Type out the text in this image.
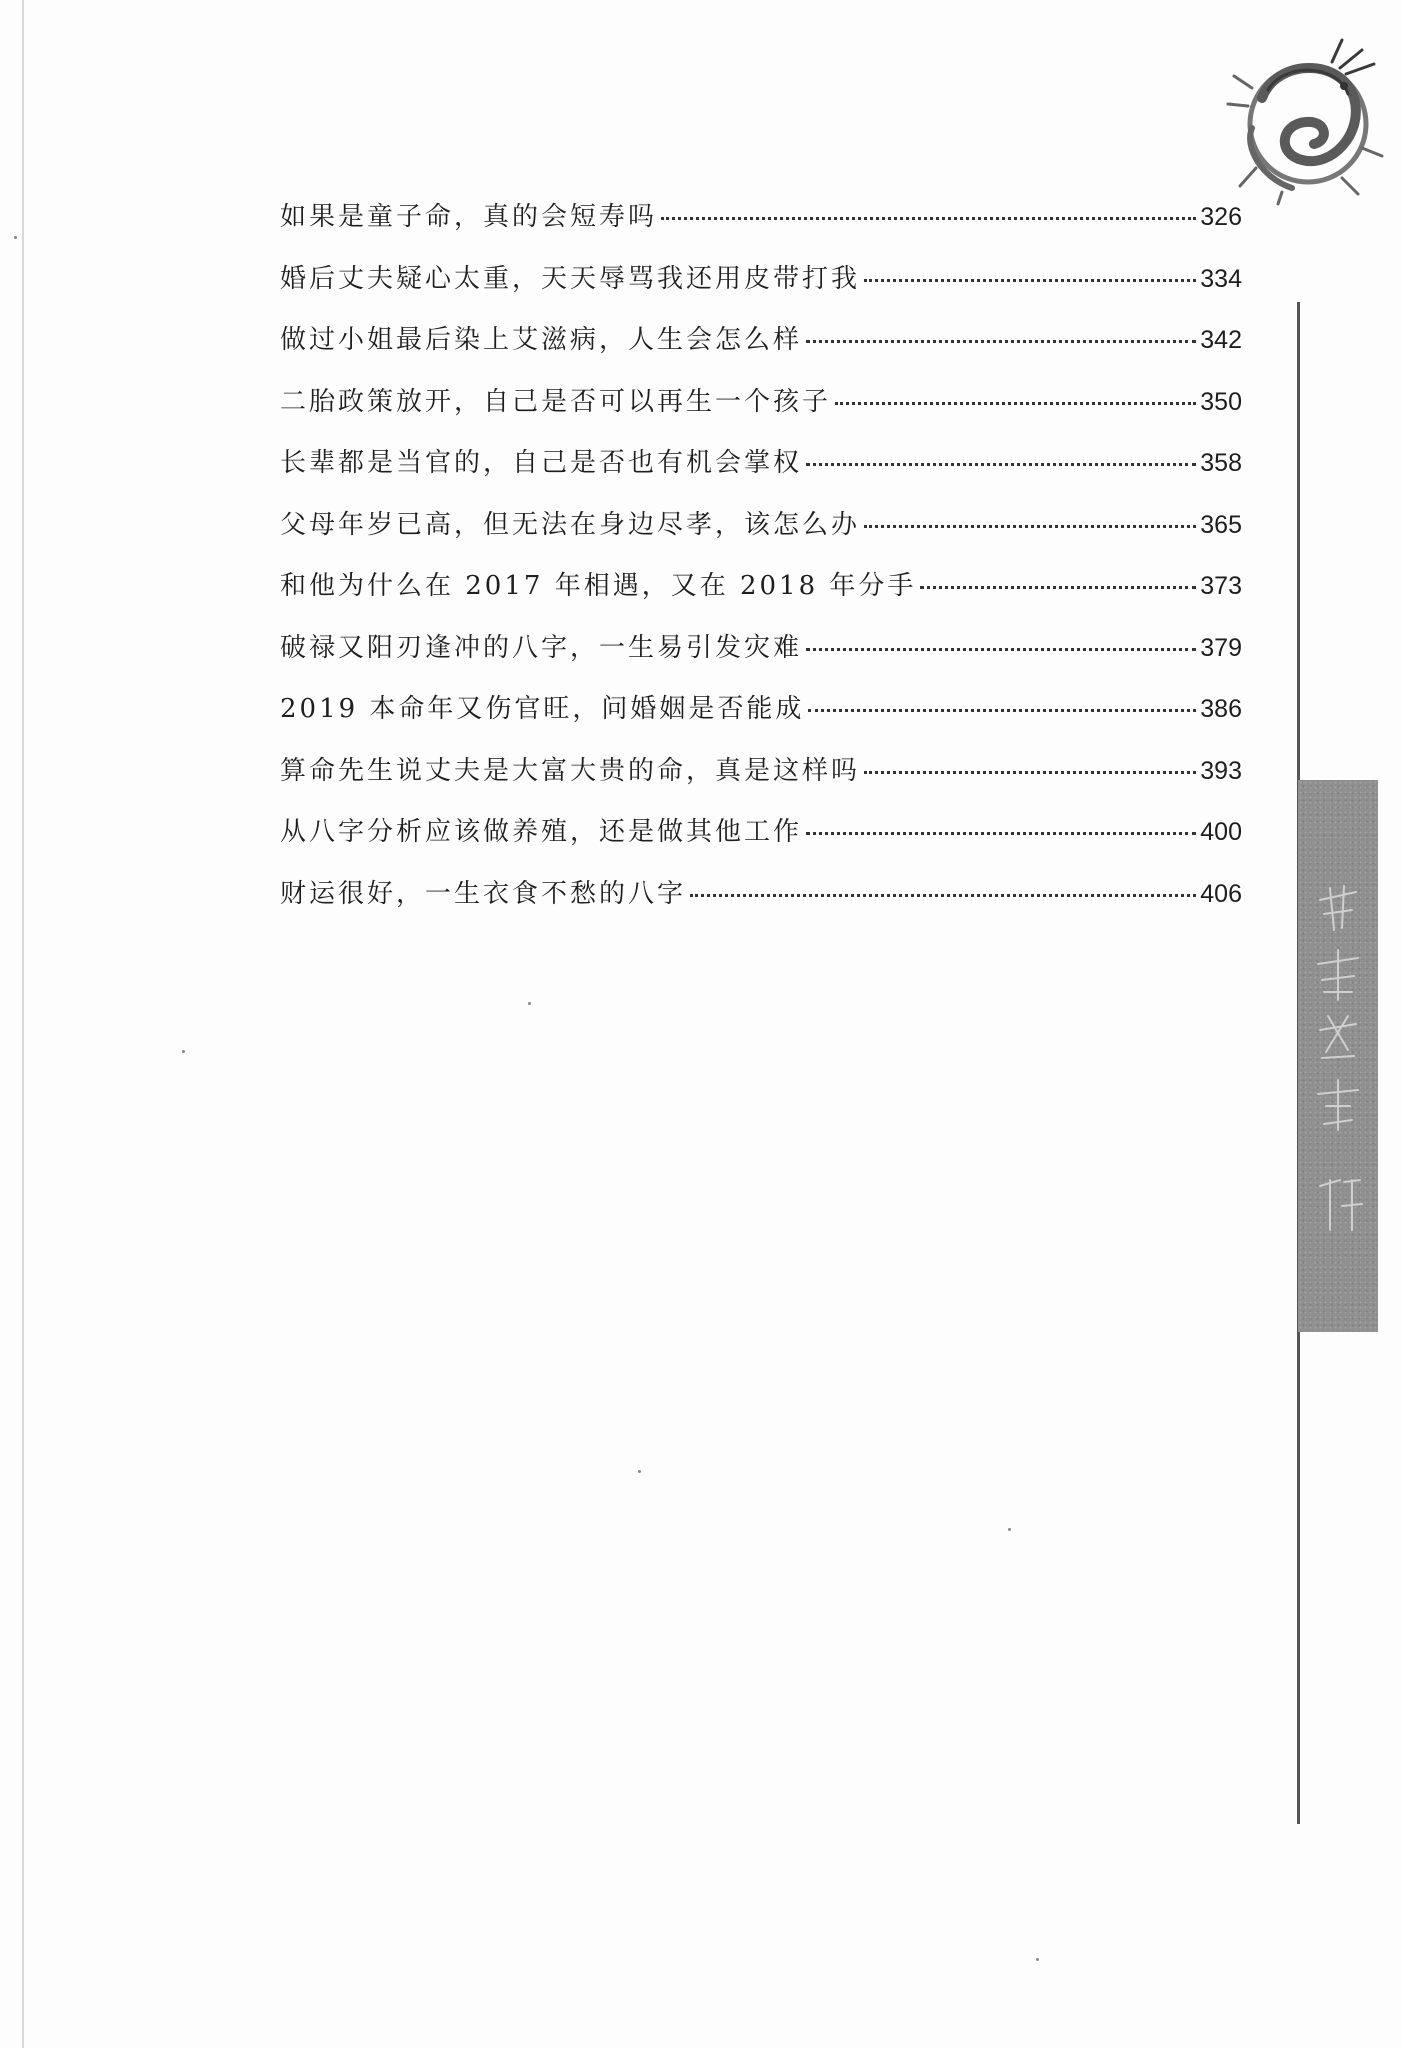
如果是童子命，真的会短寿吗	326
婚后丈夫疑心太重，天天辱骂我还用皮带打我	334
做过小姐最后染上艾滋病，人生会怎么样	342
二胎政策放开，自己是否可以再生一个孩子	350
长辈都是当官的，自己是否也有机会掌权	358
父母年岁已高，但无法在身边尽孝，该怎么办	365
和他为什么在 2017 年相遇，又在 2018 年分手	373
破禄又阳刃逢冲的八字，一生易引发灾难	379
2019 本命年又伤官旺，问婚姻是否能成	386
算命先生说丈夫是大富大贵的命，真是这样吗	393
从八字分析应该做养殖，还是做其他工作	400
财运很好，一生衣食不愁的八字	406
